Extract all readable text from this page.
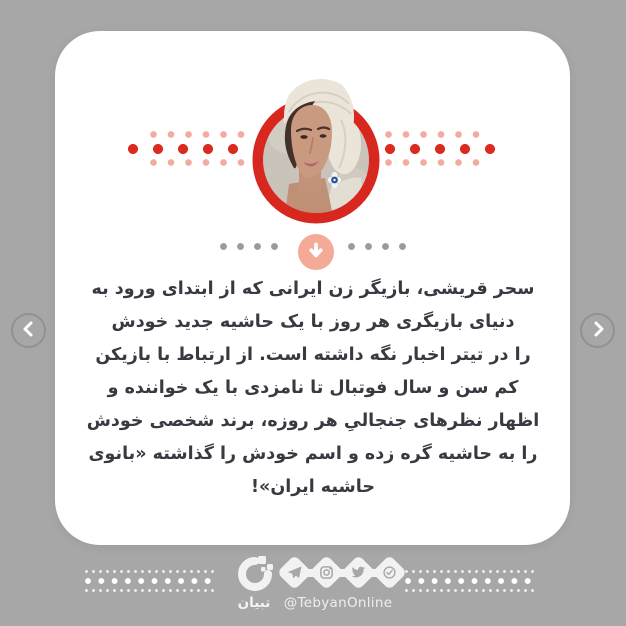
سحر قریشی، بازیگر زن ایرانی که از ابتدای ورود به
دنیای بازیگری هر روز با یک حاشیه جدید خودش
را در تیتر اخبار نگه داشته است. از ارتباط با بازیکن
کم سن و سال فوتبال تا نامزدی با یک خواننده و
اظهار نظرهای جنجالیِ هر روزه، برند شخصی خودش
را به حاشیه گره زده و اسم خودش را گذاشته «بانوی
حاشیه ایران»!
تبیان @TebyanOnline
